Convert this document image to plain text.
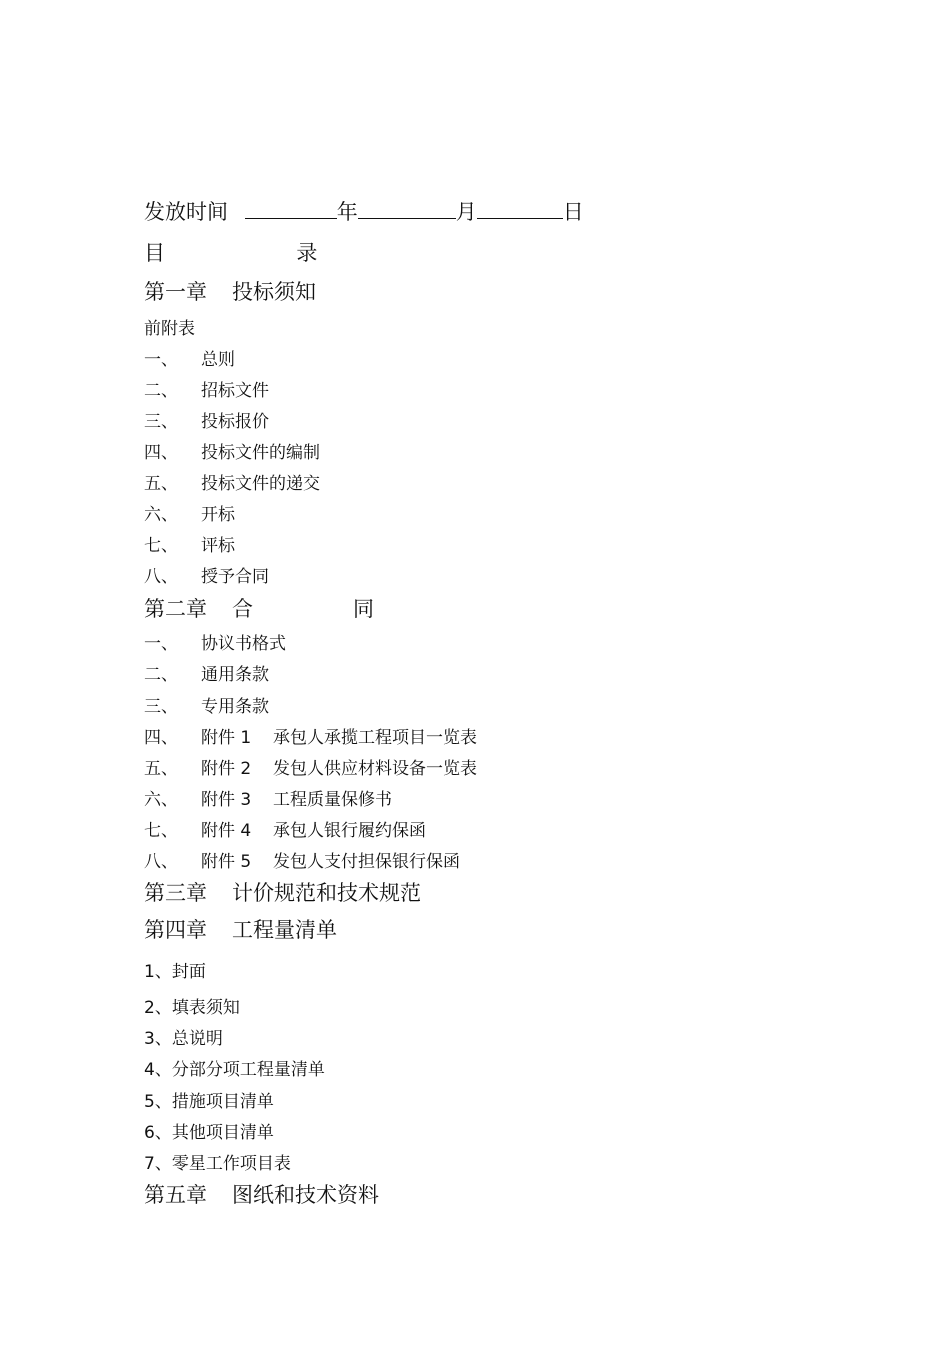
发放时间	年	月	日
目	录
第一章 投标须知
前附表
一、 总则
二、 招标文件
三、 投标报价
四、 投标文件的编制
五、 投标文件的递交
六、 开标
七、 评标
八、 授予合同
第二章 合	同
一、 协议书格式
二、 通用条款
三、 专用条款
四、 附件 1 承包人承揽工程项目一览表
五、 附件 2 发包人供应材料设备一览表
六、 附件 3 工程质量保修书
七、 附件 4 承包人银行履约保函
八、 附件 5 发包人支付担保银行保函
第三章 计价规范和技术规范
第四章 工程量清单
1、封面
2、填表须知
3、总说明
4、分部分项工程量清单
5、措施项目清单
6、其他项目清单
7、零星工作项目表
第五章 图纸和技术资料
